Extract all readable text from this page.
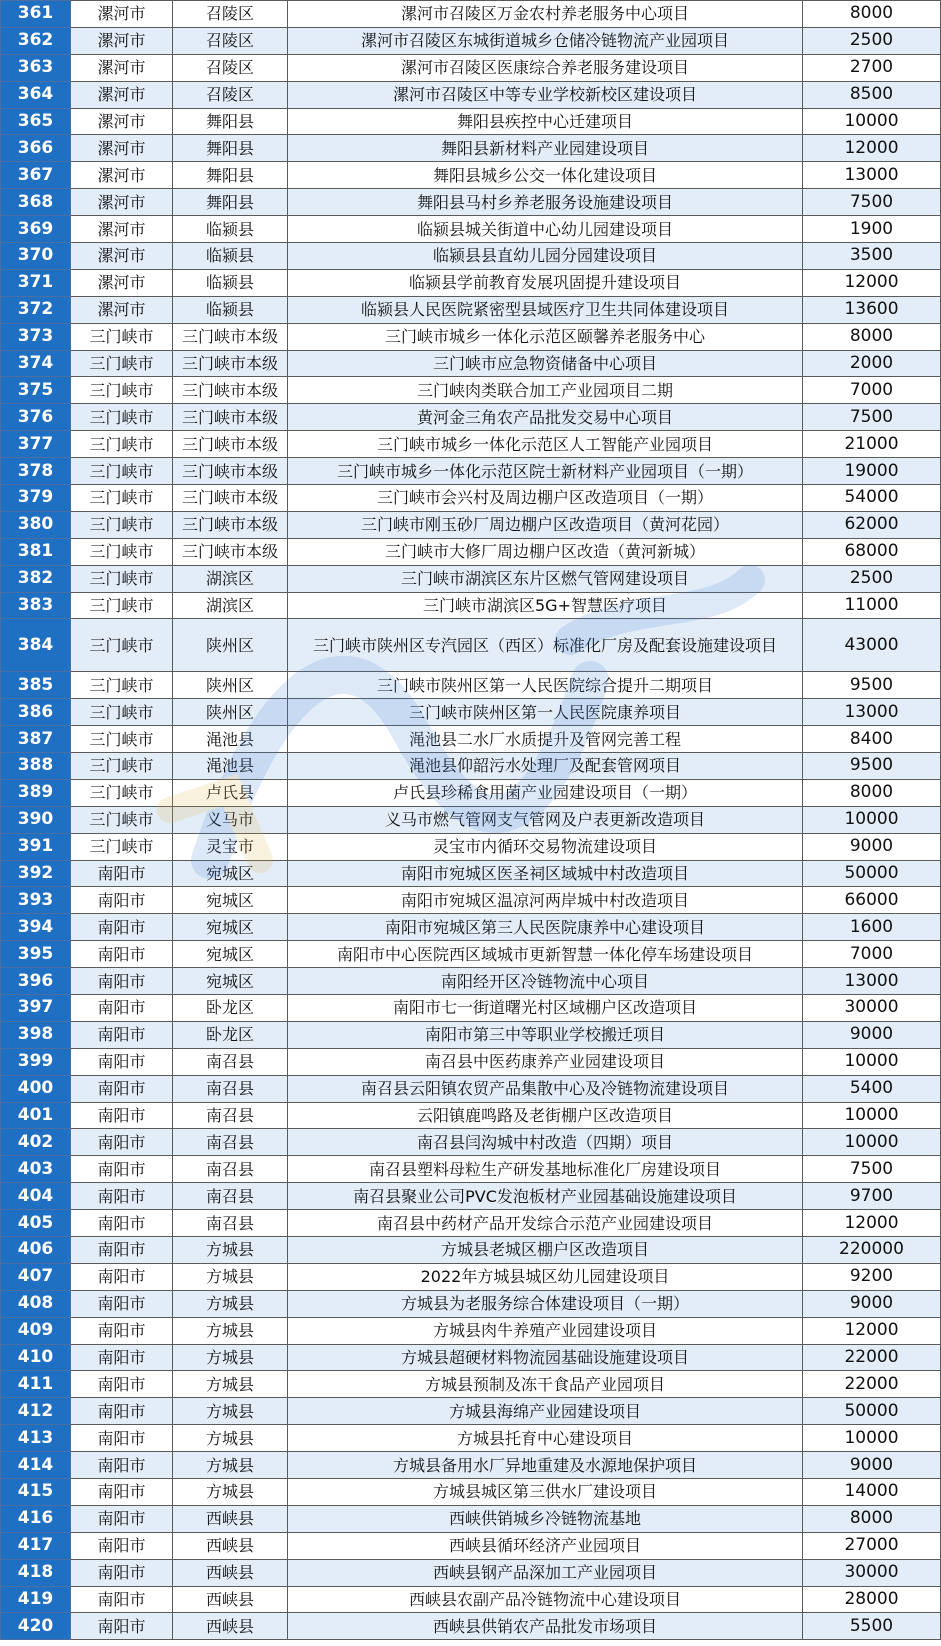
361	漯河市	召陵区	漯河市召陵区万金农村养老服务中心项目	8000
362	漯河市	召陵区	漯河市召陵区东城街道城乡仓储冷链物流产业园项目	2500
363	漯河市	召陵区	漯河市召陵区医康综合养老服务建设项目	2700
364	漯河市	召陵区	漯河市召陵区中等专业学校新校区建设项目	8500
365	漯河市	舞阳县	舞阳县疾控中心迁建项目	10000
366	漯河市	舞阳县	舞阳县新材料产业园建设项目	12000
367	漯河市	舞阳县	舞阳县城乡公交一体化建设项目	13000
368	漯河市	舞阳县	舞阳县马村乡养老服务设施建设项目	7500
369	漯河市	临颍县	临颍县城关街道中心幼儿园建设项目	1900
370	漯河市	临颍县	临颍县县直幼儿园分园建设项目	3500
371	漯河市	临颍县	临颍县学前教育发展巩固提升建设项目	12000
372	漯河市	临颍县	临颍县人民医院紧密型县域医疗卫生共同体建设项目	13600
373	三门峡市	三门峡市本级	三门峡市城乡一体化示范区颐馨养老服务中心	8000
374	三门峡市	三门峡市本级	三门峡市应急物资储备中心项目	2000
375	三门峡市	三门峡市本级	三门峡肉类联合加工产业园项目二期	7000
376	三门峡市	三门峡市本级	黄河金三角农产品批发交易中心项目	7500
377	三门峡市	三门峡市本级	三门峡市城乡一体化示范区人工智能产业园项目	21000
378	三门峡市	三门峡市本级	三门峡市城乡一体化示范区院士新材料产业园项目（一期）	19000
379	三门峡市	三门峡市本级	三门峡市会兴村及周边棚户区改造项目（一期）	54000
380	三门峡市	三门峡市本级	三门峡市刚玉砂厂周边棚户区改造项目（黄河花园）	62000
381	三门峡市	三门峡市本级	三门峡市大修厂周边棚户区改造（黄河新城）	68000
382	三门峡市	湖滨区	三门峡市湖滨区东片区燃气管网建设项目	2500
383	三门峡市	湖滨区	三门峡市湖滨区5G+智慧医疗项目	11000
384	三门峡市	陕州区	三门峡市陕州区专汽园区（西区）标准化厂房及配套设施建设项目	43000
385	三门峡市	陕州区	三门峡市陕州区第一人民医院综合提升二期项目	9500
386	三门峡市	陕州区	三门峡市陕州区第一人民医院康养项目	13000
387	三门峡市	渑池县	渑池县二水厂水质提升及管网完善工程	8400
388	三门峡市	渑池县	渑池县仰韶污水处理厂及配套管网项目	9500
389	三门峡市	卢氏县	卢氏县珍稀食用菌产业园建设项目（一期）	8000
390	三门峡市	义马市	义马市燃气管网支气管网及户表更新改造项目	10000
391	三门峡市	灵宝市	灵宝市内循环交易物流建设项目	9000
392	南阳市	宛城区	南阳市宛城区医圣祠区域城中村改造项目	50000
393	南阳市	宛城区	南阳市宛城区温凉河两岸城中村改造项目	66000
394	南阳市	宛城区	南阳市宛城区第三人民医院康养中心建设项目	1600
395	南阳市	宛城区	南阳市中心医院西区域城市更新智慧一体化停车场建设项目	7000
396	南阳市	宛城区	南阳经开区冷链物流中心项目	13000
397	南阳市	卧龙区	南阳市七一街道曙光村区域棚户区改造项目	30000
398	南阳市	卧龙区	南阳市第三中等职业学校搬迁项目	9000
399	南阳市	南召县	南召县中医药康养产业园建设项目	10000
400	南阳市	南召县	南召县云阳镇农贸产品集散中心及冷链物流建设项目	5400
401	南阳市	南召县	云阳镇鹿鸣路及老街棚户区改造项目	10000
402	南阳市	南召县	南召县闫沟城中村改造（四期）项目	10000
403	南阳市	南召县	南召县塑料母粒生产研发基地标准化厂房建设项目	7500
404	南阳市	南召县	南召县聚业公司PVC发泡板材产业园基础设施建设项目	9700
405	南阳市	南召县	南召县中药材产品开发综合示范产业园建设项目	12000
406	南阳市	方城县	方城县老城区棚户区改造项目	220000
407	南阳市	方城县	2022年方城县城区幼儿园建设项目	9200
408	南阳市	方城县	方城县为老服务综合体建设项目（一期）	9000
409	南阳市	方城县	方城县肉牛养殖产业园建设项目	12000
410	南阳市	方城县	方城县超硬材料物流园基础设施建设项目	22000
411	南阳市	方城县	方城县预制及冻干食品产业园项目	22000
412	南阳市	方城县	方城县海绵产业园建设项目	50000
413	南阳市	方城县	方城县托育中心建设项目	10000
414	南阳市	方城县	方城县备用水厂异地重建及水源地保护项目	9000
415	南阳市	方城县	方城县城区第三供水厂建设项目	14000
416	南阳市	西峡县	西峡供销城乡冷链物流基地	8000
417	南阳市	西峡县	西峡县循环经济产业园项目	27000
418	南阳市	西峡县	西峡县钢产品深加工产业园项目	30000
419	南阳市	西峡县	西峡县农副产品冷链物流中心建设项目	28000
420	南阳市	西峡县	西峡县供销农产品批发市场项目	5500
